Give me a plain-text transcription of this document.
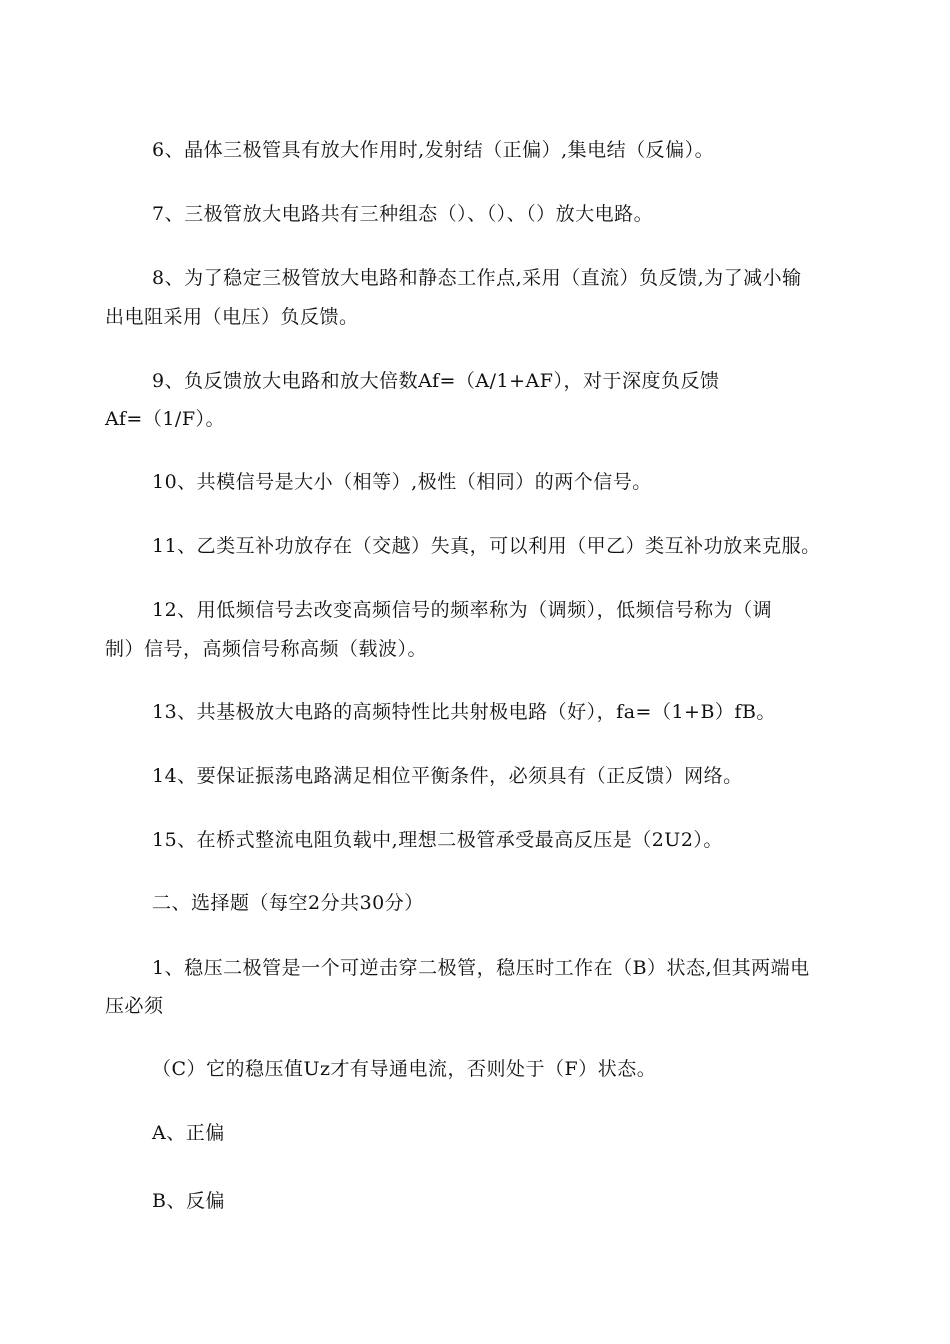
6、晶体三极管具有放大作用时,发射结（正偏）,集电结（反偏）。
7、三极管放大电路共有三种组态（）、（）、（）放大电路。
8、为了稳定三极管放大电路和静态工作点,采用（直流）负反馈,为了减小输
出电阻采用（电压）负反馈。
9、负反馈放大电路和放大倍数Af=（A/1+AF），对于深度负反馈
Af=（1/F）。
10、共模信号是大小（相等）,极性（相同）的两个信号。
11、乙类互补功放存在（交越）失真，可以利用（甲乙）类互补功放来克服。
12、用低频信号去改变高频信号的频率称为（调频），低频信号称为（调
制）信号，高频信号称高频（载波）。
13、共基极放大电路的高频特性比共射极电路（好），fa=（1+B）fB。
14、要保证振荡电路满足相位平衡条件，必须具有（正反馈）网络。
15、在桥式整流电阻负载中,理想二极管承受最高反压是（2U2）。
二、选择题（每空2分共30分）
1、稳压二极管是一个可逆击穿二极管，稳压时工作在（B）状态,但其两端电
压必须
（C）它的稳压值Uz才有导通电流，否则处于（F）状态。
A、正偏
B、反偏
